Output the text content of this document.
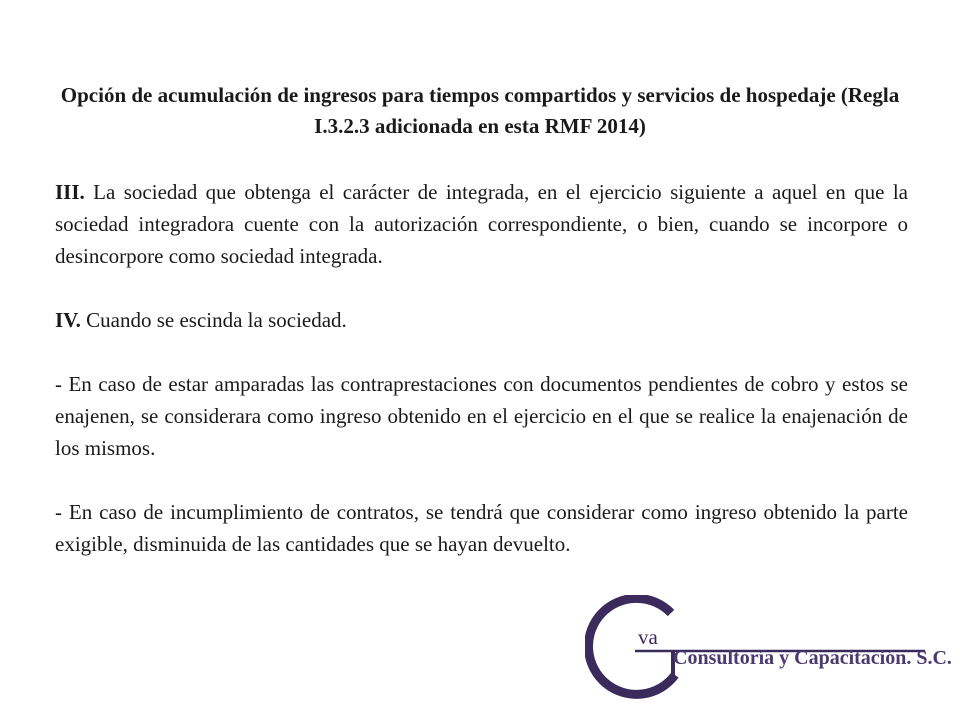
Opción de acumulación de ingresos para tiempos compartidos y servicios de hospedaje (Regla I.3.2.3 adicionada en esta RMF 2014)

III. La sociedad que obtenga el carácter de integrada, en el ejercicio siguiente a aquel en que la sociedad integradora cuente con la autorización correspondiente, o bien, cuando se incorpore o desincorpore como sociedad integrada.

IV. Cuando se escinda la sociedad.

- En caso de estar amparadas las contraprestaciones con documentos pendientes de cobro y estos se enajenen, se considerara como ingreso obtenido en el ejercicio en el que se realice la enajenación de los mismos.

- En caso de incumplimiento de contratos, se tendrá que considerar como ingreso obtenido la parte exigible, disminuida de las cantidades que se hayan devuelto.

va
Consultoría y Capacitación. S.C.
